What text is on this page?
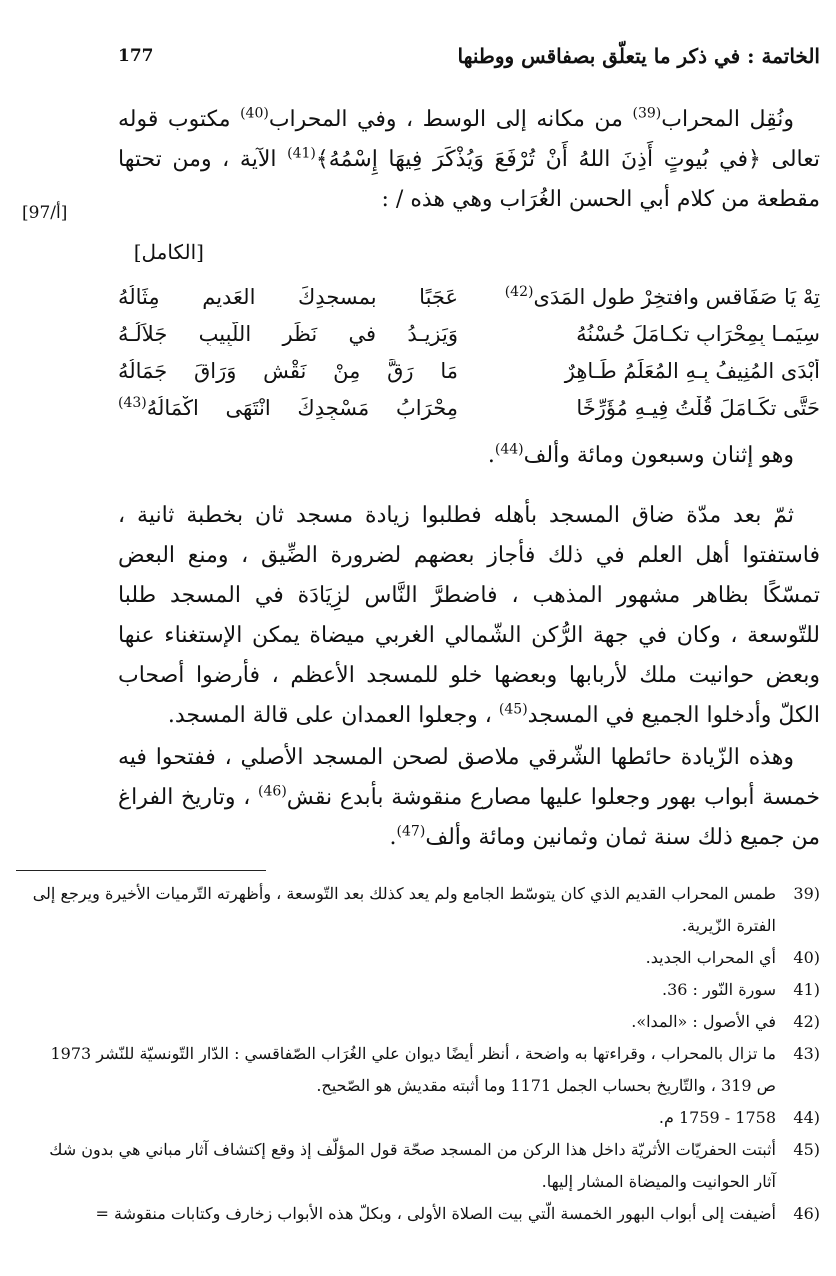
الخاتمة : في ذكر ما يتعلّق بصفاقس ووطنها
177
[97/أ]

ونُقِل المحراب$^{(39)}$ من مكانه إلى الوسط ، وفي المحراب$^{(40)}$ مكتوب قوله تعالى ﴿في بُيوتٍ أَذِنَ اللهُ أَنْ تُرْفَعَ وَيُذْكَرَ فِيهَا إِسْمُهُ﴾$^{(41)}$ الآية ، ومن تحتها مقطعة من كلام أبي الحسن الغُرَاب وهي هذه / :

[الكامل]
تِهْ يَا صَفَاقس وافتخِرْ طول المَدَى$^{(42)}$
عَجَبًا بمسجدِكَ العَديمِ مِثَالُهُ
سِيَمـا بِمِحْرَابٍ تكـامَلَ حُسْنُهُ
وَيَزِيـدُ في نَظَرِ اللَّبِيبِ جَلاَلُـهُ
أَبْدَى المُنِيفُ بِـهِ المُعَلِّمُ طَـاهِرٌ
مَا رَقَّ مِنْ نَقْشٍ وَرَاقَ جَمَالُهُ
حَتَّى تكَـامَلَ قُلْتُ فِيـهِ مُؤَرِّخًا
مِحْرَابُ مَسْجِدِكَ انْتَهَى اكْمَالُهُ$^{(43)}$

وهو إثنان وسبعون ومائة وألف$^{(44)}$.

ثمّ بعد مدّة ضاق المسجد بأهله فطلبوا زيادة مسجد ثان بخطبة ثانية ، فاستفتوا أهل العلم في ذلك فأجاز بعضهم لضرورة الضِّيق ، ومنع البعض تمسّكًا بظاهر مشهور المذهب ، فاضطرَّ النَّاس لزِيَادَة في المسجد طلبا للتّوسعة ، وكان في جهة الرُّكن الشّمالي الغربي ميضاة يمكن الإستغناء عنها وبعض حوانيت ملك لأربابها وبعضها خلو للمسجد الأعظم ، فأرضوا أصحاب الكلّ وأدخلوا الجميع في المسجد$^{(45)}$ ، وجعلوا العمدان على قالة المسجد.

وهذه الزّيادة حائطها الشّرقي ملاصق لصحن المسجد الأصلي ، ففتحوا فيه خمسة أبواب بهور وجعلوا عليها مصارع منقوشة بأبدع نقش$^{(46)}$ ، وتاريخ الفراغ من جميع ذلك سنة ثمان وثمانين ومائة وألف$^{(47)}$.

(39
طمس المحراب القديم الذي كان يتوسّط الجامع ولم يعد كذلك بعد التّوسعة ، وأظهرته التّرميات الأخيرة ويرجع إلى الفترة الزّيرية.
(40
أي المحراب الجديد.
(41
سورة النّور : 36.
(42
في الأصول : «المدا».
(43
ما تزال بالمحراب ، وقراءتها به واضحة ، أنظر أيضًا ديوان علي الغُرَاب الصّفاقسي : الدّار التّونسيّة للنّشر 1973 ص 319 ، والتّاريخ بحساب الجمل 1171 وما أثبته مقديش هو الصّحيح.
(44
1758 - 1759 م.
(45
أثبتت الحفريّات الأثريّة داخل هذا الركن من المسجد صحّة قول المؤلّف إذ وقع إكتشاف آثار مباني هي بدون شك آثار الحوانيت والميضاة المشار إليها.
(46
أضيفت إلى أبواب البهور الخمسة الّتي بيت الصلاة الأولى ، وبكلّ هذه الأبواب زخارف وكتابات منقوشة =
